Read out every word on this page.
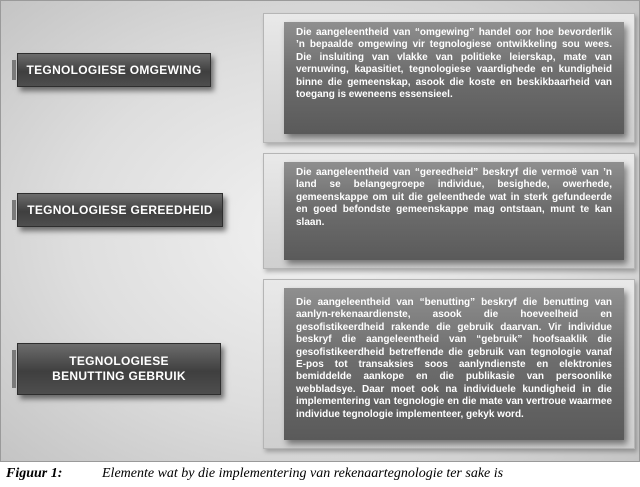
Die aangeleentheid van “omgewing” handel oor hoe bevorderlik ’n bepaalde omgewing vir tegnologiese ontwikkeling sou wees. Die insluiting van vlakke van politieke leierskap, mate van vernuwing, kapasitiet, tegnologiese vaardighede en kundigheid binne die gemeenskap, asook die koste en beskikbaarheid van toegang is eweneens essensieel.
TEGNOLOGIESE OMGEWING
Die aangeleentheid van “gereedheid” beskryf die vermoë van ’n land se belangegroepe individue, besighede, owerhede, gemeenskappe om uit die geleenthede wat in sterk gefundeerde en goed befondste gemeenskappe mag ontstaan, munt te kan slaan.
TEGNOLOGIESE GEREEDHEID
Die aangeleentheid van “benutting” beskryf die benutting van aanlyn-rekenaardienste, asook die hoeveelheid en gesofistikeerdheid rakende die gebruik daarvan. Vir individue beskryf die aangeleentheid van “gebruik” hoofsaaklik die gesofistikeerdheid betreffende die gebruik van tegnologie vanaf E-pos tot transaksies soos aanlyndienste en elektronies bemiddelde aankope en die publikasie van persoonlike webbladsye. Daar moet ook na individuele kundigheid in die implementering van tegnologie en die mate van vertroue waarmee individue tegnologie implementeer, gekyk word.
TEGNOLOGIESE
BENUTTING GEBRUIK
Figuur 1:	Elemente wat by die implementering van rekenaartegnologie ter sake is
